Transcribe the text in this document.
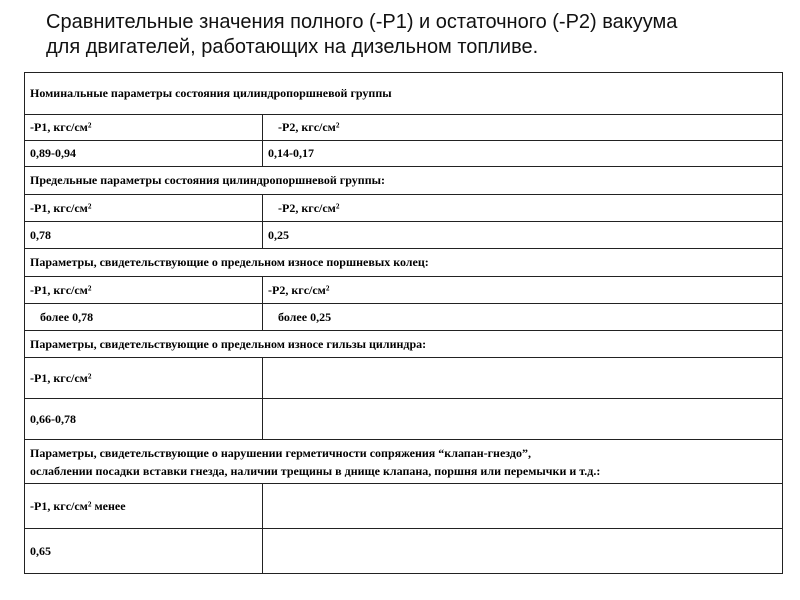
Сравнительные значения полного (-Р1) и остаточного (-Р2) вакуума
для двигателей, работающих на дизельном топливе.
Номинальные параметры состояния цилиндропоршневой группы	
-Р1, кгс/см²	-Р2, кгс/см²
0,89-0,94	0,14-0,17
Предельные параметры состояния цилиндропоршневой группы:	
-Р1, кгс/см²	-Р2, кгс/см²
0,78	0,25
Параметры, свидетельствующие о предельном износе поршневых колец:	
-Р1, кгс/см²	-Р2, кгс/см²
более 0,78	более 0,25
Параметры, свидетельствующие о предельном износе гильзы цилиндра:	
-Р1, кгс/см²	
0,66-0,78	

Параметры, свидетельствующие о нарушении герметичности сопряжения “клапан-гнездо”,
ослаблении посадки вставки гнезда, наличии трещины в днище клапана, поршня или перемычки и т.д.:	

-Р1, кгс/см² менее	
0,65	
